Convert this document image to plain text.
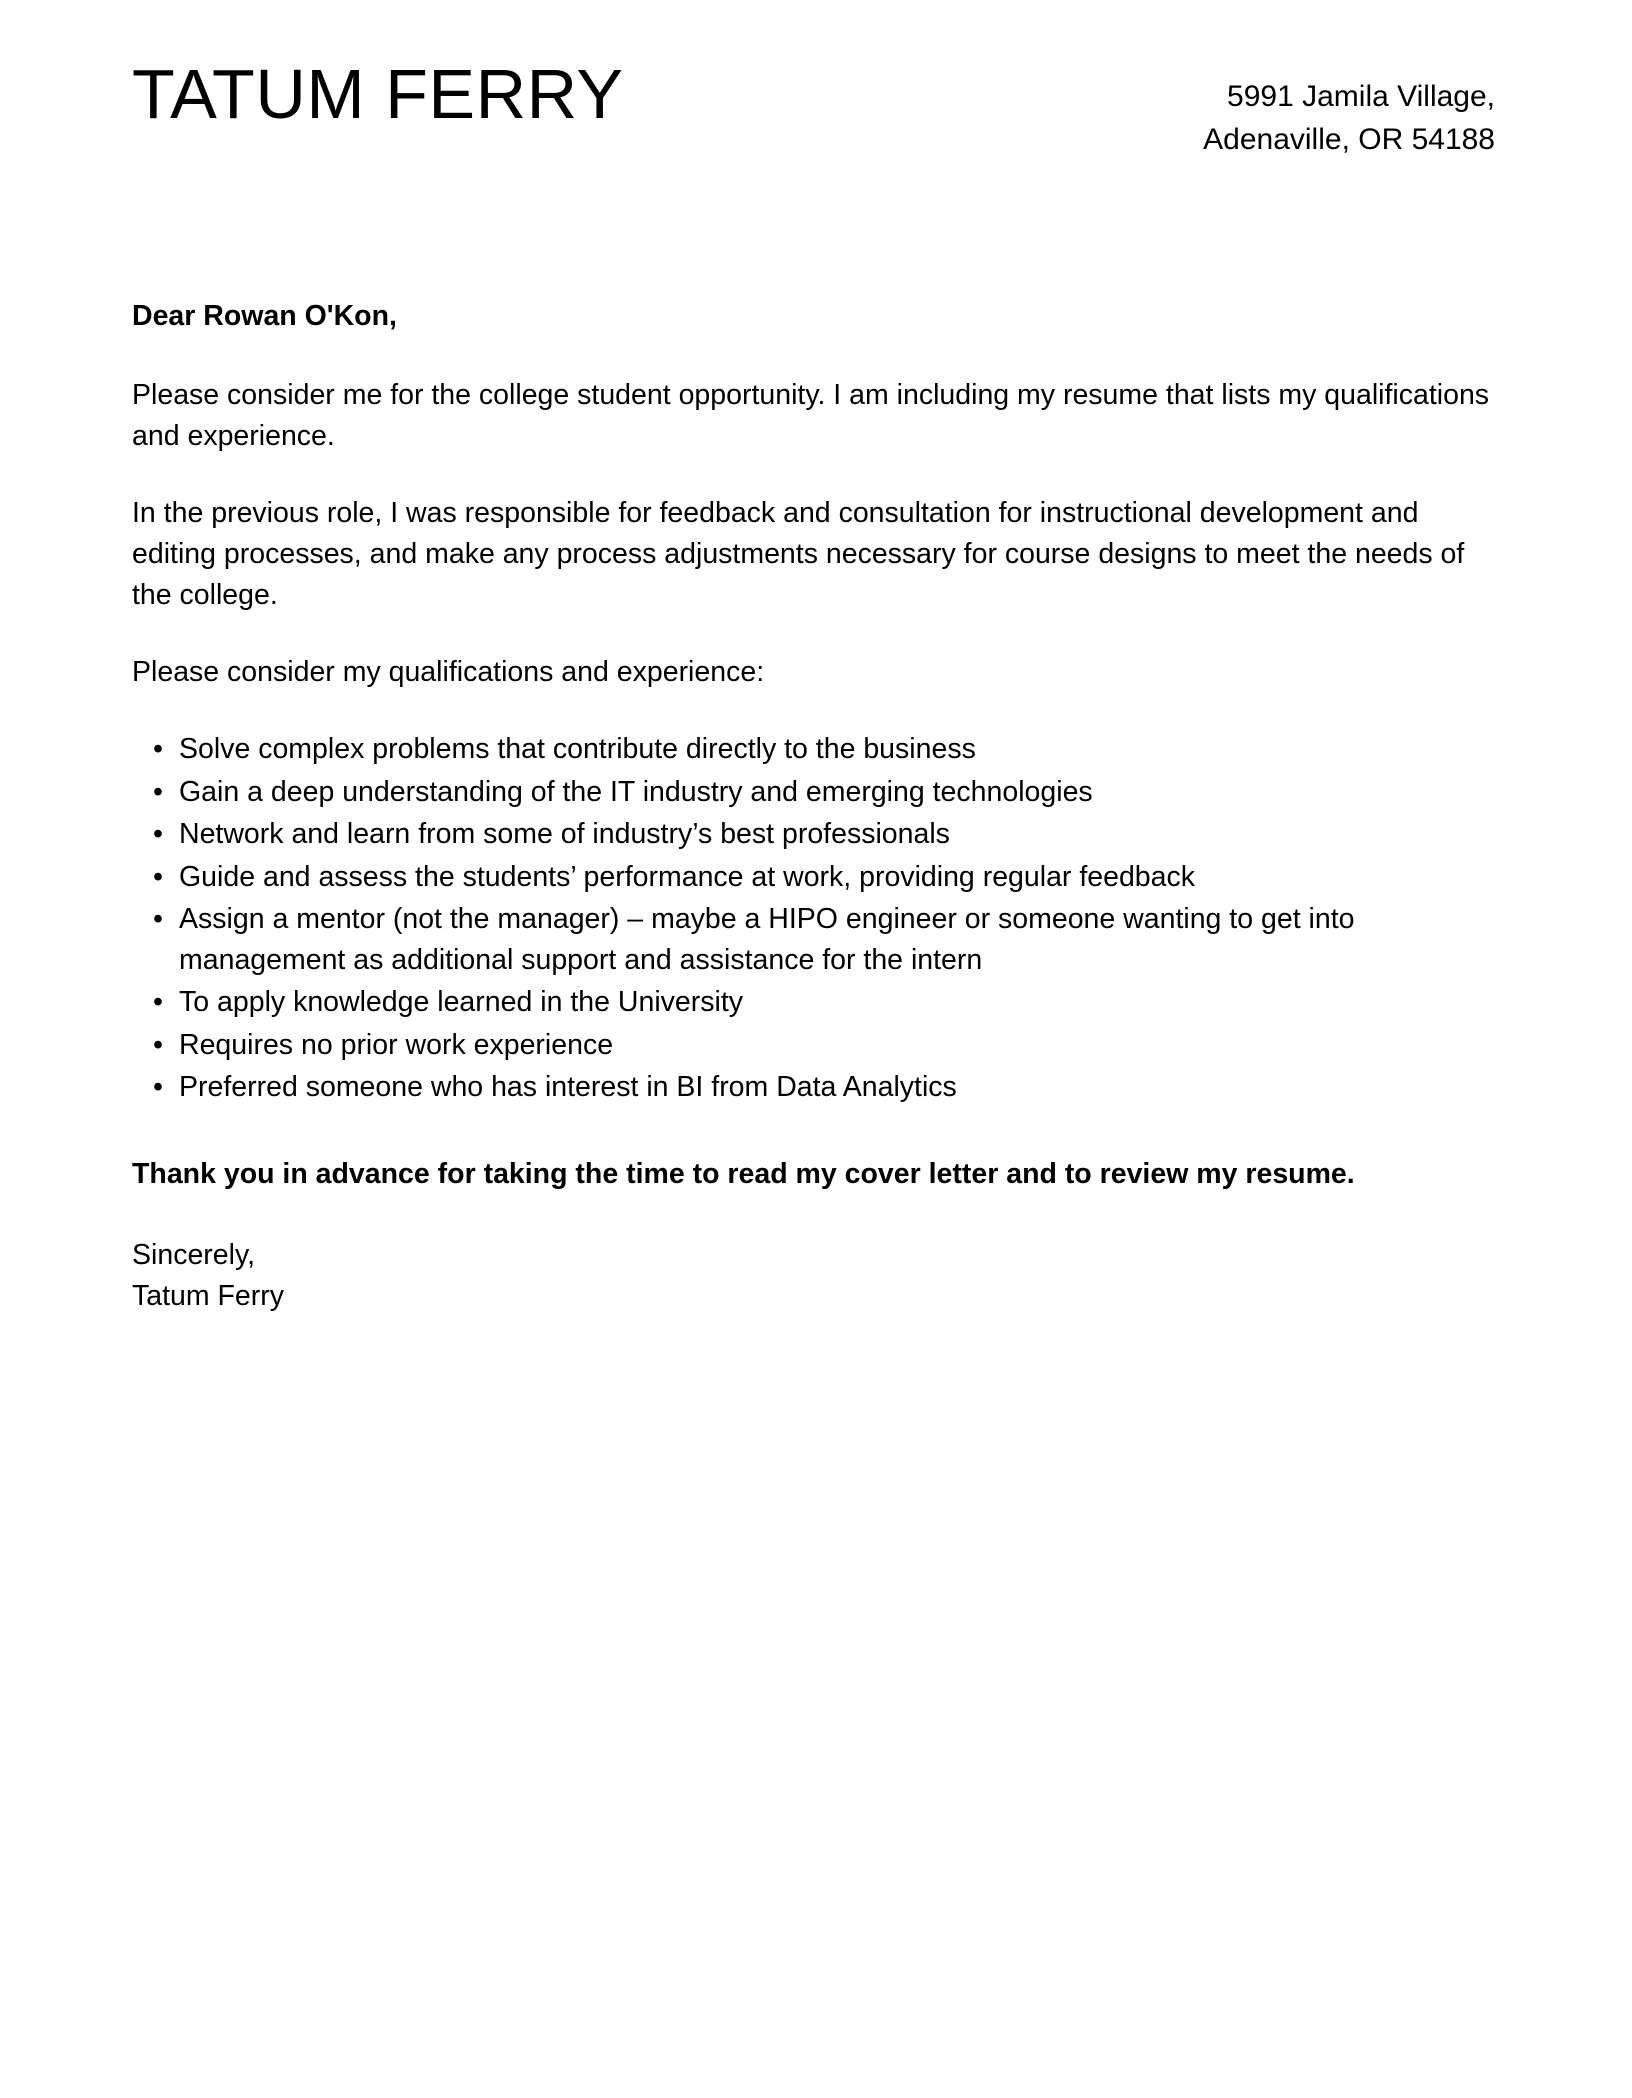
TATUM FERRY	5991 Jamila Village,
Adenaville, OR 54188

Dear Rowan O'Kon,

Please consider me for the college student opportunity. I am including my resume that lists my qualifications and experience.

In the previous role, I was responsible for feedback and consultation for instructional development and editing processes, and make any process adjustments necessary for course designs to meet the needs of the college.

Please consider my qualifications and experience:

• Solve complex problems that contribute directly to the business
• Gain a deep understanding of the IT industry and emerging technologies
• Network and learn from some of industry’s best professionals
• Guide and assess the students’ performance at work, providing regular feedback
• Assign a mentor (not the manager) – maybe a HIPO engineer or someone wanting to get into management as additional support and assistance for the intern
• To apply knowledge learned in the University
• Requires no prior work experience
• Preferred someone who has interest in BI from Data Analytics

Thank you in advance for taking the time to read my cover letter and to review my resume.

Sincerely,
Tatum Ferry
